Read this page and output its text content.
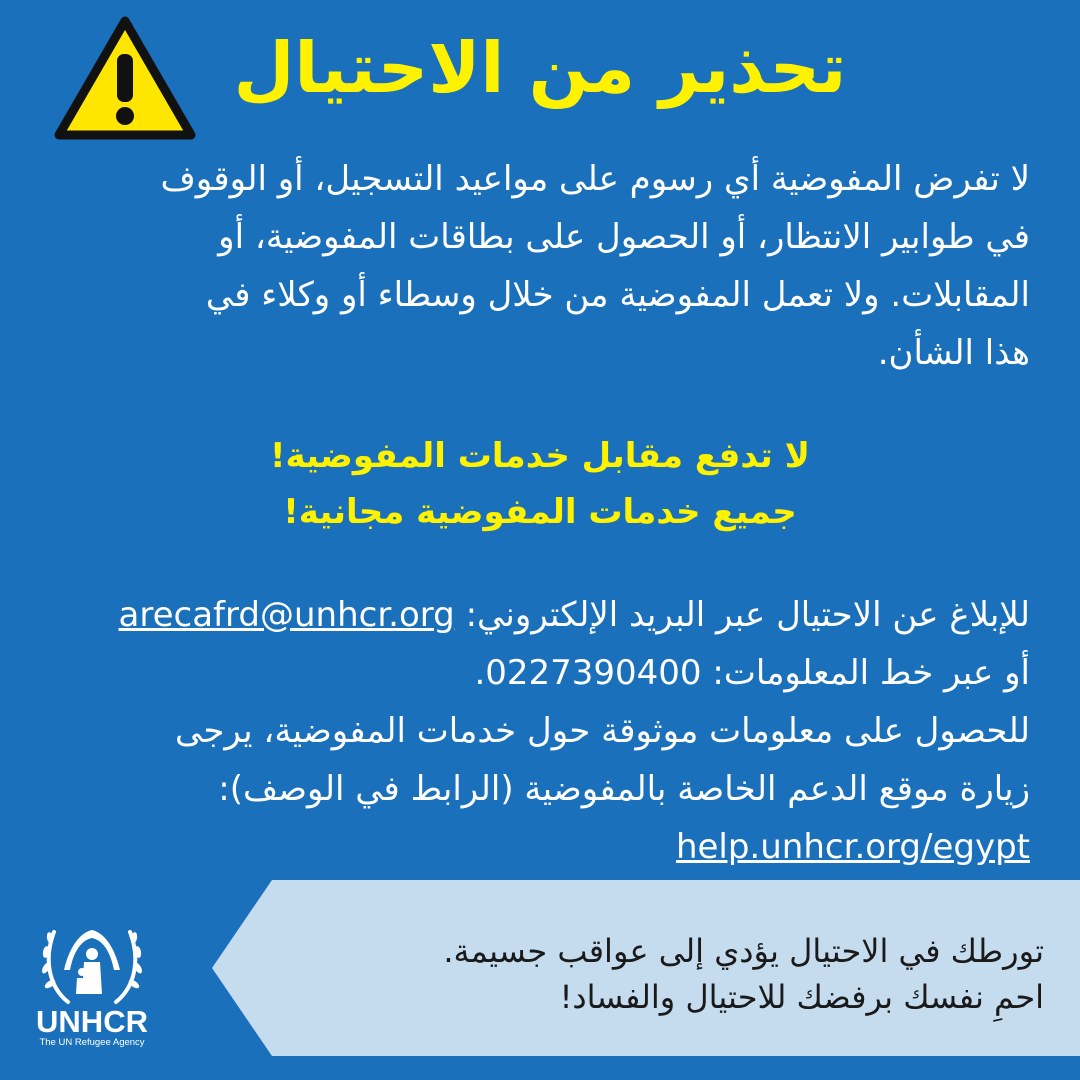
تحذير من الاحتيال
لا تفرض المفوضية أي رسوم على مواعيد التسجيل، أو الوقوف
في طوابير الانتظار، أو الحصول على بطاقات المفوضية، أو
المقابلات. ولا تعمل المفوضية من خلال وسطاء أو وكلاء في
هذا الشأن.
لا تدفع مقابل خدمات المفوضية!
جميع خدمات المفوضية مجانية!
للإبلاغ عن الاحتيال عبر البريد الإلكتروني: arecafrd@unhcr.org
أو عبر خط المعلومات: 0227390400.
للحصول على معلومات موثوقة حول خدمات المفوضية، يرجى
زيارة موقع الدعم الخاصة بالمفوضية (الرابط في الوصف):
help.unhcr.org/egypt
تورطك في الاحتيال يؤدي إلى عواقب جسيمة.
احمِ نفسك برفضك للاحتيال والفساد!
UNHCR
The UN Refugee Agency
